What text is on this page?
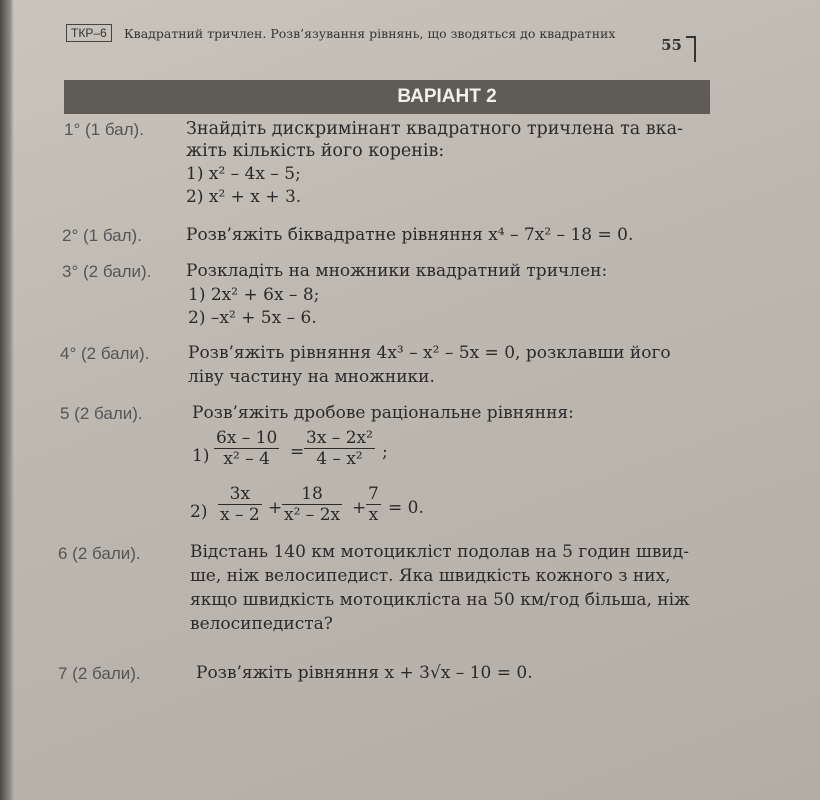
ТКР–6	Квадратний тричлен. Розв’язування рівнянь, що зводяться до квадратних
55
ВАРІАНТ 2
1° (1 бал). Знайдіть дискримінант квадратного тричлена та вка-
жіть кількість його коренів:
1) x² – 4x – 5;
2) x² + x + 3.
2° (1 бал).	Розв’яжіть біквадратне рівняння x⁴ – 7x² – 18 = 0.
3° (2 бали). Розкладіть на множники квадратний тричлен:
1) 2x² + 6x – 8;
2) –x² + 5x – 6.
4° (2 бали). Розв’яжіть рівняння 4x³ – x² – 5x = 0, розклавши його
ліву частину на множники.
5 (2 бали).	Розв’яжіть дробове раціональне рівняння:
$1) \frac{6x - 10}{\text{x² – 4}} = \frac{\text{3x – 2x²}}{\text{4 – x²}}$ ;
$2) \frac{3x}{x - 2} + \frac{18}{\text{x² – 2x}} + \frac{7}{x} = 0$.
6 (2 бали).	Відстань 140 км мотоцикліст подолав на 5 годин швид-
ше, ніж велосипедист. Яка швидкість кожного з них,
якщо швидкість мотоцикліста на 50 км/год більша, ніж
велосипедиста?
7 (2 бали).	Розв’яжіть рівняння x + 3√x – 10 = 0.
